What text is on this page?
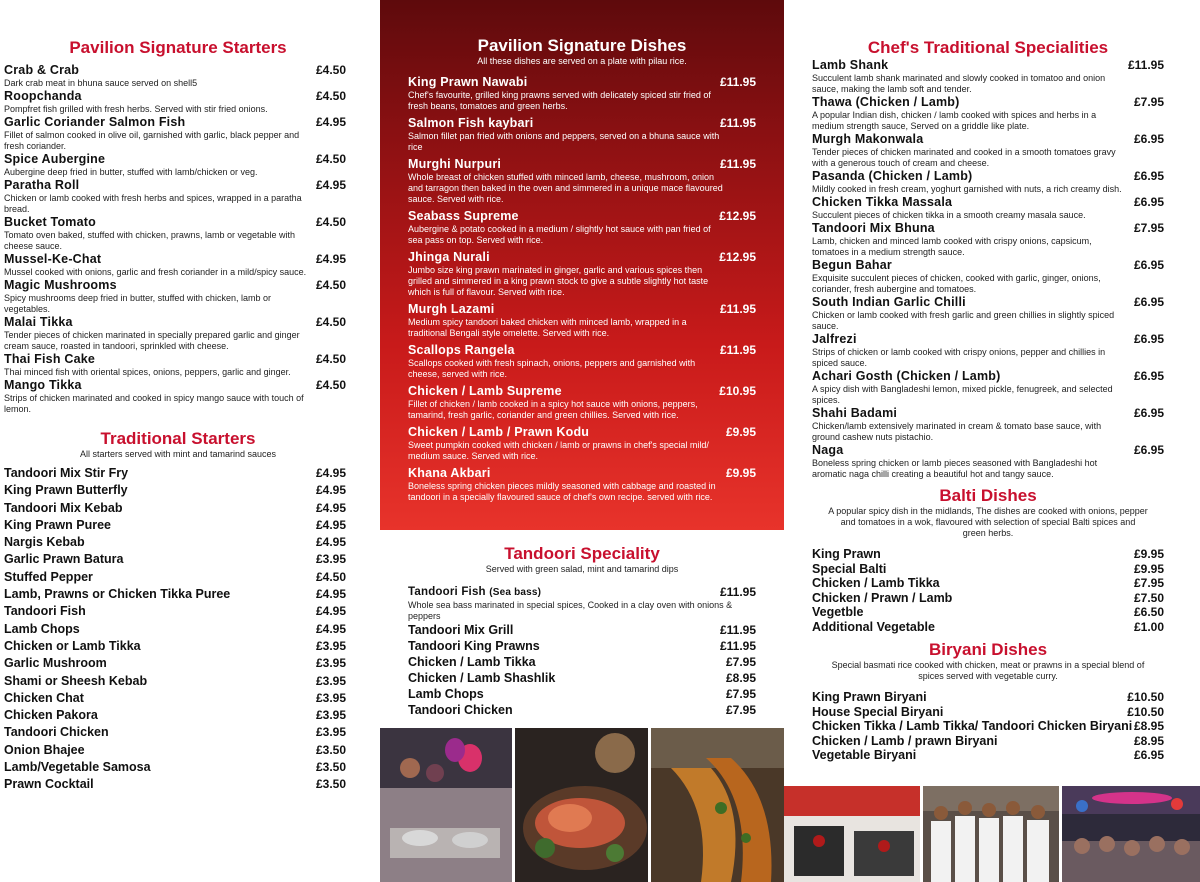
Pavilion Signature Starters
Crab & Crab	£4.50
Dark crab meat in bhuna sauce served on shell5
Roopchanda	£4.50
Pompfret fish grilled with fresh herbs. Served with stir fried onions.
Garlic Coriander Salmon Fish	£4.95
Fillet of salmon cooked in olive oil, garnished with garlic, black pepper and fresh coriander.
Spice Aubergine	£4.50
Aubergine deep fried in butter, stuffed with lamb/chicken or veg.
Paratha Roll	£4.95
Chicken or lamb cooked with fresh herbs and spices, wrapped in a paratha bread.
Bucket Tomato	£4.50
Tomato oven baked, stuffed with chicken, prawns, lamb or vegetable with cheese sauce.
Mussel-Ke-Chat	£4.95
Mussel cooked with onions, garlic and fresh coriander in a mild/spicy sauce.
Magic Mushrooms	£4.50
Spicy mushrooms deep fried in butter, stuffed with chicken, lamb or vegetables.
Malai Tikka	£4.50
Tender pieces of chicken marinated in specially prepared garlic and ginger cream sauce, roasted in tandoori, sprinkled with cheese.
Thai Fish Cake	£4.50
Thai minced fish with oriental spices, onions, peppers, garlic and ginger.
Mango Tikka	£4.50
Strips of chicken marinated and cooked in spicy mango sauce with touch of lemon.
Traditional Starters
All starters served with mint and tamarind sauces
Tandoori Mix Stir Fry	£4.95
King Prawn Butterfly	£4.95
Tandoori Mix Kebab	£4.95
King Prawn Puree	£4.95
Nargis Kebab	£4.95
Garlic Prawn Batura	£3.95
Stuffed Pepper	£4.50
Lamb, Prawns or Chicken Tikka Puree	£4.95
Tandoori Fish	£4.95
Lamb Chops	£4.95
Chicken or Lamb Tikka	£3.95
Garlic Mushroom	£3.95
Shami or Sheesh Kebab	£3.95
Chicken Chat	£3.95
Chicken Pakora	£3.95
Tandoori Chicken	£3.95
Onion Bhajee	£3.50
Lamb/Vegetable Samosa	£3.50
Prawn Cocktail	£3.50
Pavilion Signature Dishes
All these dishes are served on a plate with pilau rice.
King Prawn Nawabi	£11.95
Chef's favourite, grilled king prawns served with delicately spiced stir fried of fresh beans, tomatoes and green herbs.
Salmon Fish kaybari	£11.95
Salmon fillet pan fried with onions and peppers, served on a bhuna sauce with rice
Murghi Nurpuri	£11.95
Whole breast of chicken stuffed with minced lamb, cheese, mushroom, onion and tarragon then baked in the oven and simmered in a unique mace flavoured sauce. Served with rice.
Seabass Supreme	£12.95
Aubergine & potato cooked in a medium / slightly hot sauce with pan fried of sea pass on top. Served with rice.
Jhinga Nurali	£12.95
Jumbo size king prawn marinated in ginger, garlic and various spices then grilled and simmered in a king prawn stock to give a subtle slightly hot taste which is full of flavour. Served with rice.
Murgh Lazami	£11.95
Medium spicy tandoori baked chicken with minced lamb, wrapped in a traditional Bengali style omelette. Served with rice.
Scallops Rangela	£11.95
Scallops cooked with fresh spinach, onions, peppers and garnished with cheese, served with rice.
Chicken / Lamb Supreme	£10.95
Fillet of chicken / lamb cooked in a spicy hot sauce with onions, peppers, tamarind, fresh garlic, coriander and green chillies. Served with rice.
Chicken / Lamb / Prawn Kodu	£9.95
Sweet pumpkin cooked with chicken / lamb or prawns in chef's special mild/ medium sauce. Served with rice.
Khana Akbari	£9.95
Boneless spring chicken pieces mildly seasoned with cabbage and roasted in tandoori in a specially flavoured sauce of chef's own recipe. served with rice.
Tandoori Speciality
Served with green salad, mint and tamarind dips
Tandoori Fish (Sea bass)	£11.95
Whole sea bass marinated in special spices, Cooked in a clay oven with onions & peppers
Tandoori Mix Grill	£11.95
Tandoori King Prawns	£11.95
Chicken / Lamb Tikka	£7.95
Chicken / Lamb Shashlik	£8.95
Lamb Chops	£7.95
Tandoori Chicken	£7.95
Chef's Traditional Specialities
Lamb Shank	£11.95
Succulent lamb shank marinated and slowly cooked in tomatoo and onion sauce, making the lamb soft and tender.
Thawa (Chicken / Lamb)	£7.95
A popular Indian dish, chicken / lamb cooked with spices and herbs in a medium strength sauce, Served on a griddle like plate.
Murgh Makonwala	£6.95
Tender pieces of chicken marinated and cooked in a smooth tomatoes gravy with a generous touch of cream and cheese.
Pasanda (Chicken / Lamb)	£6.95
Mildly cooked in fresh cream, yoghurt garnished with nuts, a rich creamy dish.
Chicken Tikka Massala	£6.95
Succulent pieces of chicken tikka in a smooth creamy masala sauce.
Tandoori Mix Bhuna	£7.95
Lamb, chicken and minced lamb cooked with crispy onions, capsicum, tomatoes in a medium strength sauce.
Begun Bahar	£6.95
Exquisite succulent pieces of chicken, cooked with garlic, ginger, onions, coriander, fresh aubergine and tomatoes.
South Indian Garlic Chilli	£6.95
Chicken or lamb cooked with fresh garlic and green chillies in slightly spiced sauce.
Jalfrezi	£6.95
Strips of chicken or lamb cooked with crispy onions, pepper and chillies in spiced sauce.
Achari Gosth (Chicken / Lamb)	£6.95
A spicy dish with Bangladeshi lemon, mixed pickle, fenugreek, and selected spices.
Shahi Badami	£6.95
Chicken/lamb extensively marinated in cream & tomato base sauce, with ground cashew nuts pistachio.
Naga	£6.95
Boneless spring chicken or lamb pieces seasoned with Bangladeshi hot aromatic naga chilli creating a beautiful hot and tangy sauce.
Balti Dishes
A popular spicy dish in the midlands, The dishes are cooked with onions, pepper and tomatoes in a wok, flavoured with selection of special Balti spices and green herbs.
King Prawn	£9.95
Special Balti	£9.95
Chicken / Lamb Tikka	£7.95
Chicken / Prawn / Lamb	£7.50
Vegetble	£6.50
Additional Vegetable	£1.00
Biryani Dishes
Special basmati rice cooked with chicken, meat or prawns in a special blend of spices served with vegetable curry.
King Prawn Biryani	£10.50
House Special Biryani	£10.50
Chicken Tikka / Lamb Tikka/ Tandoori Chicken Biryani £8.95
Chicken / Lamb / prawn Biryani	£8.95
Vegetable Biryani	£6.95
